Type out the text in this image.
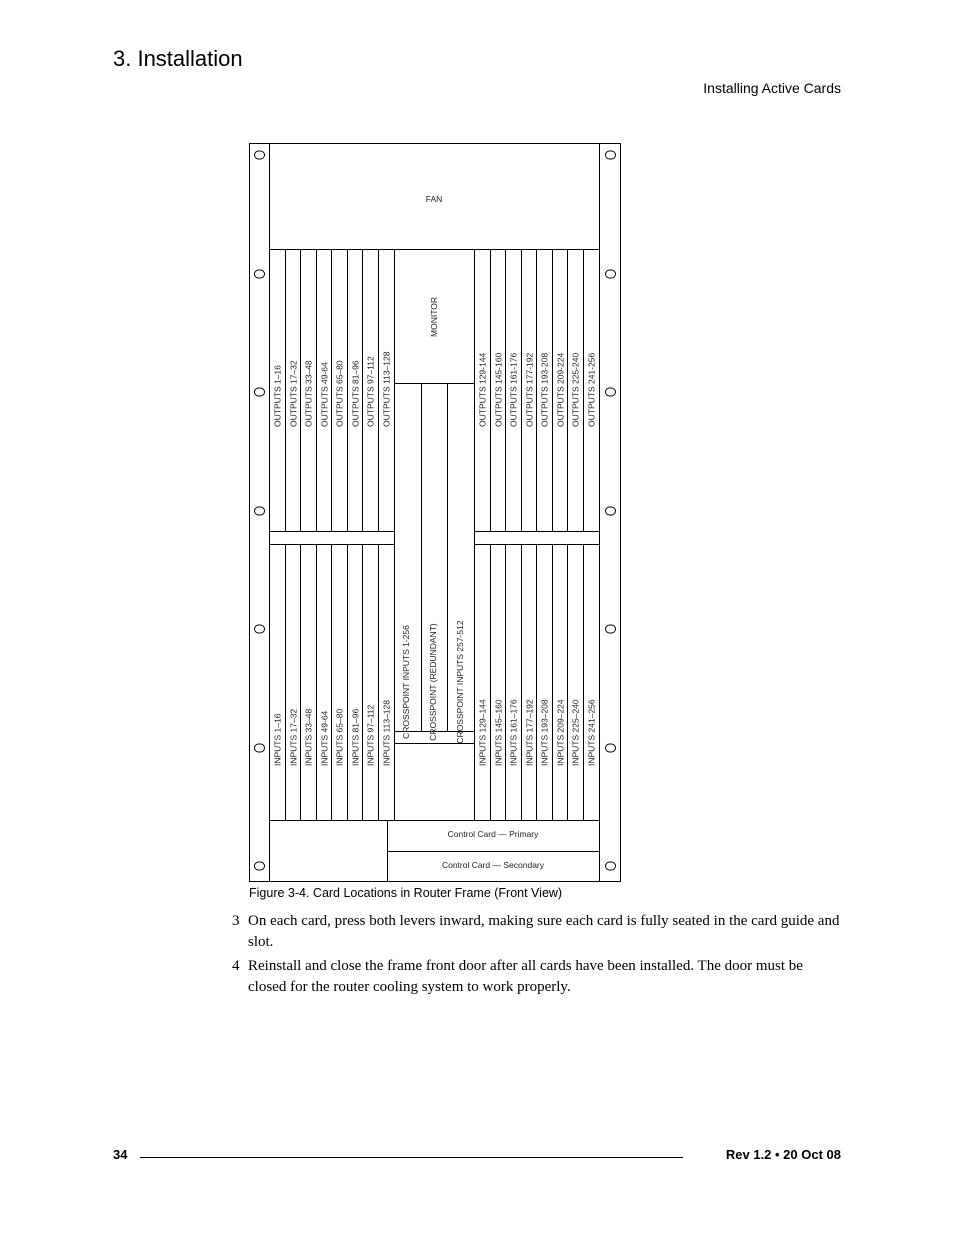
3. Installation
Installing Active Cards
FAN
OUTPUTS 1–16 OUTPUTS 17–32 OUTPUTS 33–48 OUTPUTS 49-64 OUTPUTS 65–80 OUTPUTS 81–96 OUTPUTS 97–112 OUTPUTS 113–128	OUTPUTS 129-144 OUTPUTS 145-160 OUTPUTS 161-176 OUTPUTS 177-192 OUTPUTS 193-208 OUTPUTS 209-224 OUTPUTS 225-240 OUTPUTS 241-256
INPUTS 1–16 INPUTS 17–32 INPUTS 33–48 INPUTS 49-64 INPUTS 65–80 INPUTS 81–96 INPUTS 97–112 INPUTS 113–128	INPUTS 129–144 INPUTS 145–160 INPUTS 161–176 INPUTS 177–192 INPUTS 193–208 INPUTS 209–224 INPUTS 225–240 INPUTS 241–256
MONITOR
CROSSPOINT INPUTS 1-256 CROSSPOINT (REDUNDANT) CROSSPOINT INPUTS 257-512
Control Card — Primary
Control Card — Secondary
Figure 3-4. Card Locations in Router Frame (Front View)
3 On each card, press both levers inward, making sure each card is fully seated in the card guide and slot.
4 Reinstall and close the frame front door after all cards have been installed. The door must be closed for the router cooling system to work properly.
34	Rev 1.2 • 20 Oct 08
